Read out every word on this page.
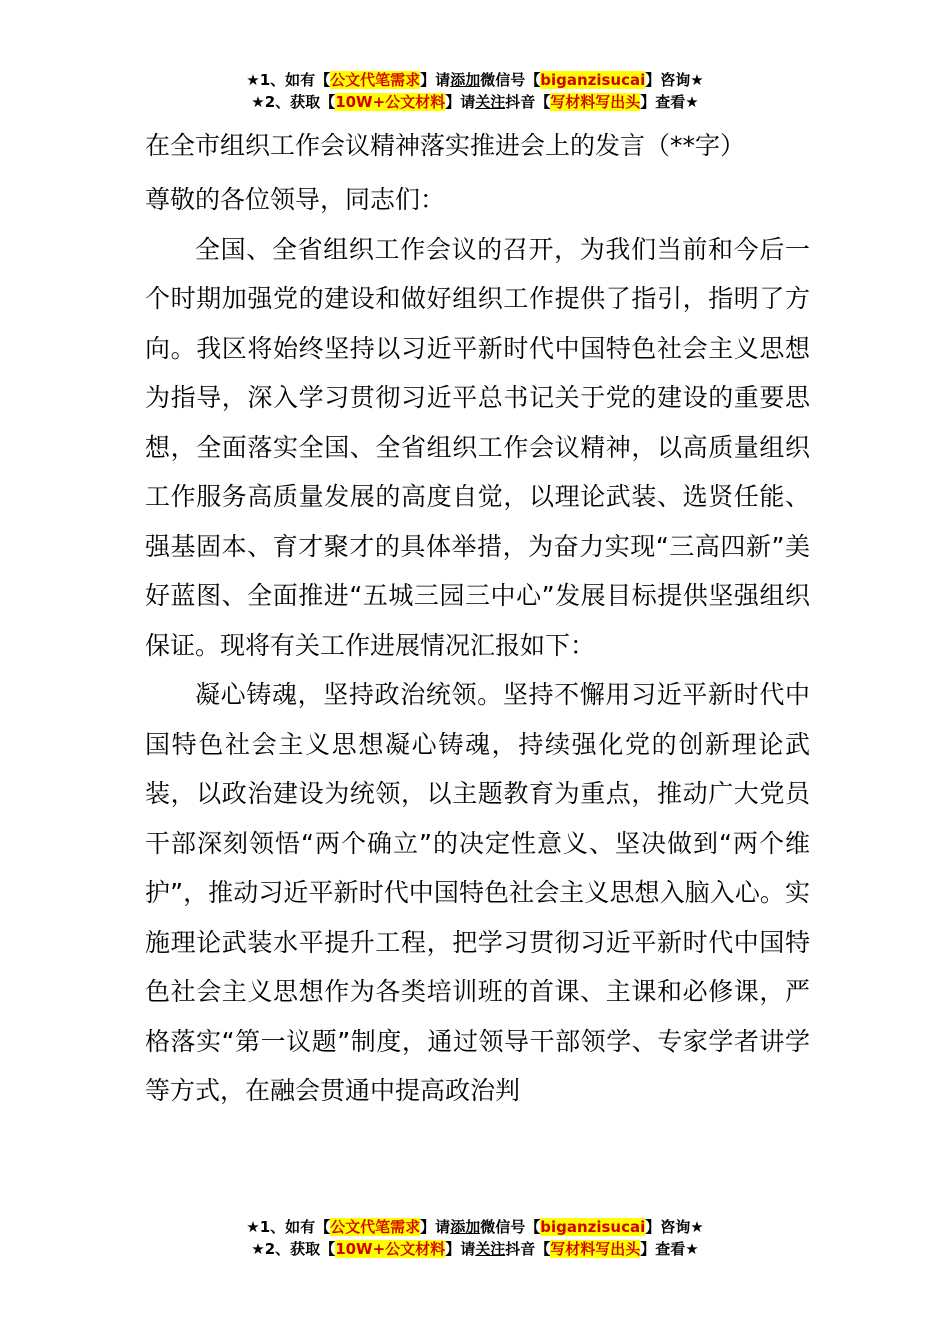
★1、如有【公文代笔需求】请添加微信号【biganzisucai】咨询★
★2、获取【10W+公文材料】请关注抖音【写材料写出头】查看★

在全市组织工作会议精神落实推进会上的发言（**字）

尊敬的各位领导，同志们：

全国、全省组织工作会议的召开，为我们当前和今后一个时期加强党的建设和做好组织工作提供了指引，指明了方向。我区将始终坚持以习近平新时代中国特色社会主义思想为指导，深入学习贯彻习近平总书记关于党的建设的重要思想，全面落实全国、全省组织工作会议精神，以高质量组织工作服务高质量发展的高度自觉，以理论武装、选贤任能、强基固本、育才聚才的具体举措，为奋力实现“三高四新”美好蓝图、全面推进“五城三园三中心”发展目标提供坚强组织保证。现将有关工作进展情况汇报如下：

凝心铸魂，坚持政治统领。坚持不懈用习近平新时代中国特色社会主义思想凝心铸魂，持续强化党的创新理论武装，以政治建设为统领，以主题教育为重点，推动广大党员干部深刻领悟“两个确立”的决定性意义、坚决做到“两个维护”，推动习近平新时代中国特色社会主义思想入脑入心。实施理论武装水平提升工程，把学习贯彻习近平新时代中国特色社会主义思想作为各类培训班的首课、主课和必修课，严格落实“第一议题”制度，通过领导干部领学、专家学者讲学等方式，在融会贯通中提高政治判

★1、如有【公文代笔需求】请添加微信号【biganzisucai】咨询★
★2、获取【10W+公文材料】请关注抖音【写材料写出头】查看★
